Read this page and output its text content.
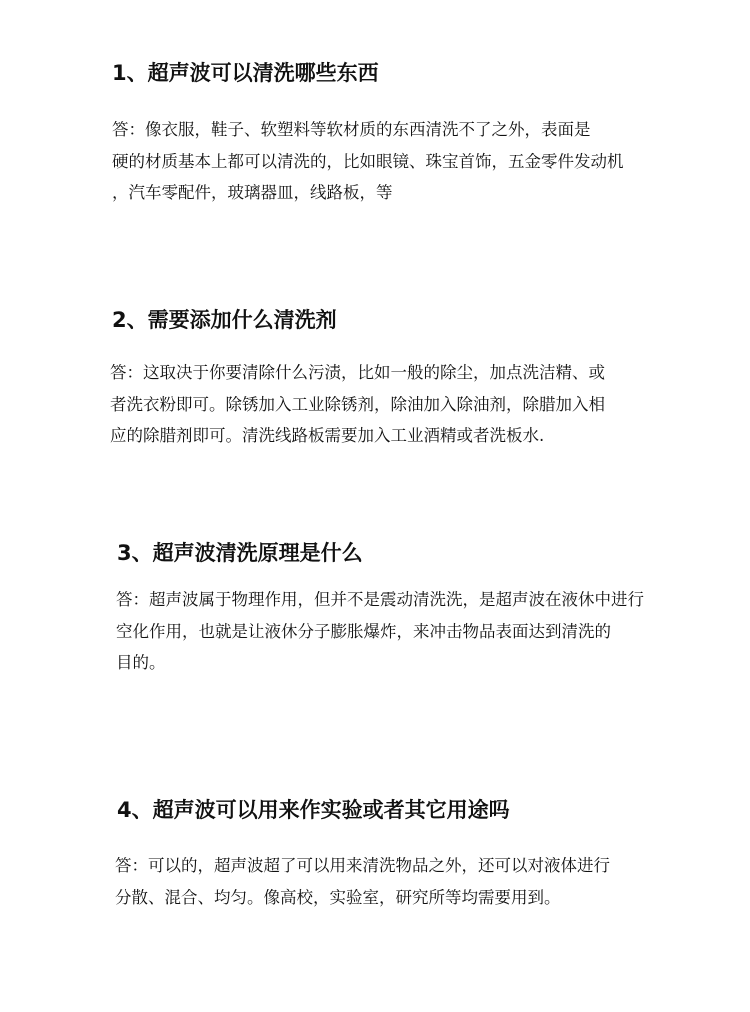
1、超声波可以清洗哪些东西
答：像衣服，鞋子、软塑料等软材质的东西清洗不了之外，表面是
硬的材质基本上都可以清洗的，比如眼镜、珠宝首饰，五金零件发动机
，汽车零配件，玻璃器皿，线路板，等
2、需要添加什么清洗剂
答：这取决于你要清除什么污渍，比如一般的除尘，加点洗洁精、或
者洗衣粉即可。除锈加入工业除锈剂，除油加入除油剂，除腊加入相
应的除腊剂即可。清洗线路板需要加入工业酒精或者洗板水.
3、超声波清洗原理是什么
答：超声波属于物理作用，但并不是震动清洗洗，是超声波在液休中进行
空化作用，也就是让液休分子膨胀爆炸，来冲击物品表面达到清洗的
目的。
4、超声波可以用来作实验或者其它用途吗
答：可以的，超声波超了可以用来清洗物品之外，还可以对液体进行
分散、混合、均匀。像高校，实验室，研究所等均需要用到。
